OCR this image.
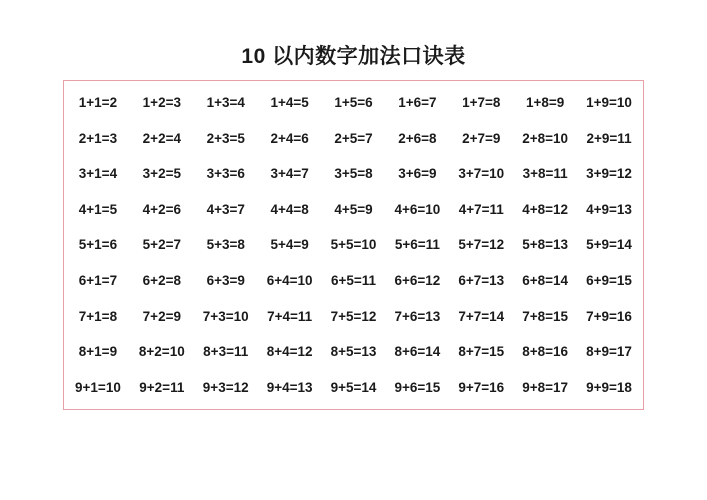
10 以内数字加法口诀表
1+1=2	1+2=3	1+3=4	1+4=5	1+5=6	1+6=7	1+7=8	1+8=9	1+9=10
2+1=3	2+2=4	2+3=5	2+4=6	2+5=7	2+6=8	2+7=9	2+8=10	2+9=11
3+1=4	3+2=5	3+3=6	3+4=7	3+5=8	3+6=9	3+7=10	3+8=11	3+9=12
4+1=5	4+2=6	4+3=7	4+4=8	4+5=9	4+6=10	4+7=11	4+8=12	4+9=13
5+1=6	5+2=7	5+3=8	5+4=9	5+5=10	5+6=11	5+7=12	5+8=13	5+9=14
6+1=7	6+2=8	6+3=9	6+4=10	6+5=11	6+6=12	6+7=13	6+8=14	6+9=15
7+1=8	7+2=9	7+3=10	7+4=11	7+5=12	7+6=13	7+7=14	7+8=15	7+9=16
8+1=9	8+2=10	8+3=11	8+4=12	8+5=13	8+6=14	8+7=15	8+8=16	8+9=17
9+1=10	9+2=11	9+3=12	9+4=13	9+5=14	9+6=15	9+7=16	9+8=17	9+9=18
